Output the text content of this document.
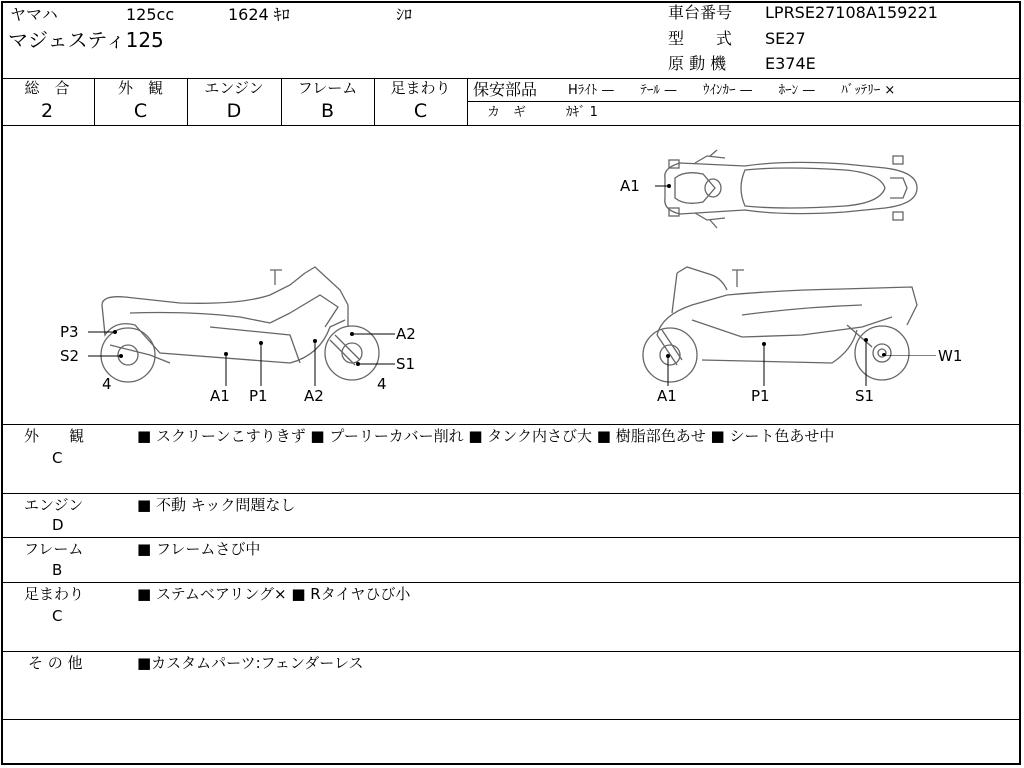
ヤマハ	125cc	1624 ｷﾛ	ｼﾛ
マジェスティ125
車台番号 LPRSE27108A159221
型　　式 SE27
原 動 機 E374E
総　合
2
外　観
C
エンジン
D
フレーム
B
足まわり
C
保安部品 Hﾗｲﾄ —　　ﾃｰﾙ —　　ｳｲﾝｶｰ —　　ﾎｰﾝ —　　ﾊﾞｯﾃﾘｰ ×
カ　ギ	ｶｷﾞ 1
A1
P3
S2
4
A2
S1
4
A1 P1 A2
W1
A1	P1	S1
外　　観
C
■ スクリーンこすりきず ■ プーリーカバー削れ ■ タンク内さび大 ■ 樹脂部色あせ ■ シート色あせ中
エンジン
D
■ 不動 キック問題なし
フレーム
B
■ フレームさび中
足まわり
C
■ ステムベアリング× ■ Rタイヤひび小
そ の 他	■カスタムパーツ:フェンダーレス
